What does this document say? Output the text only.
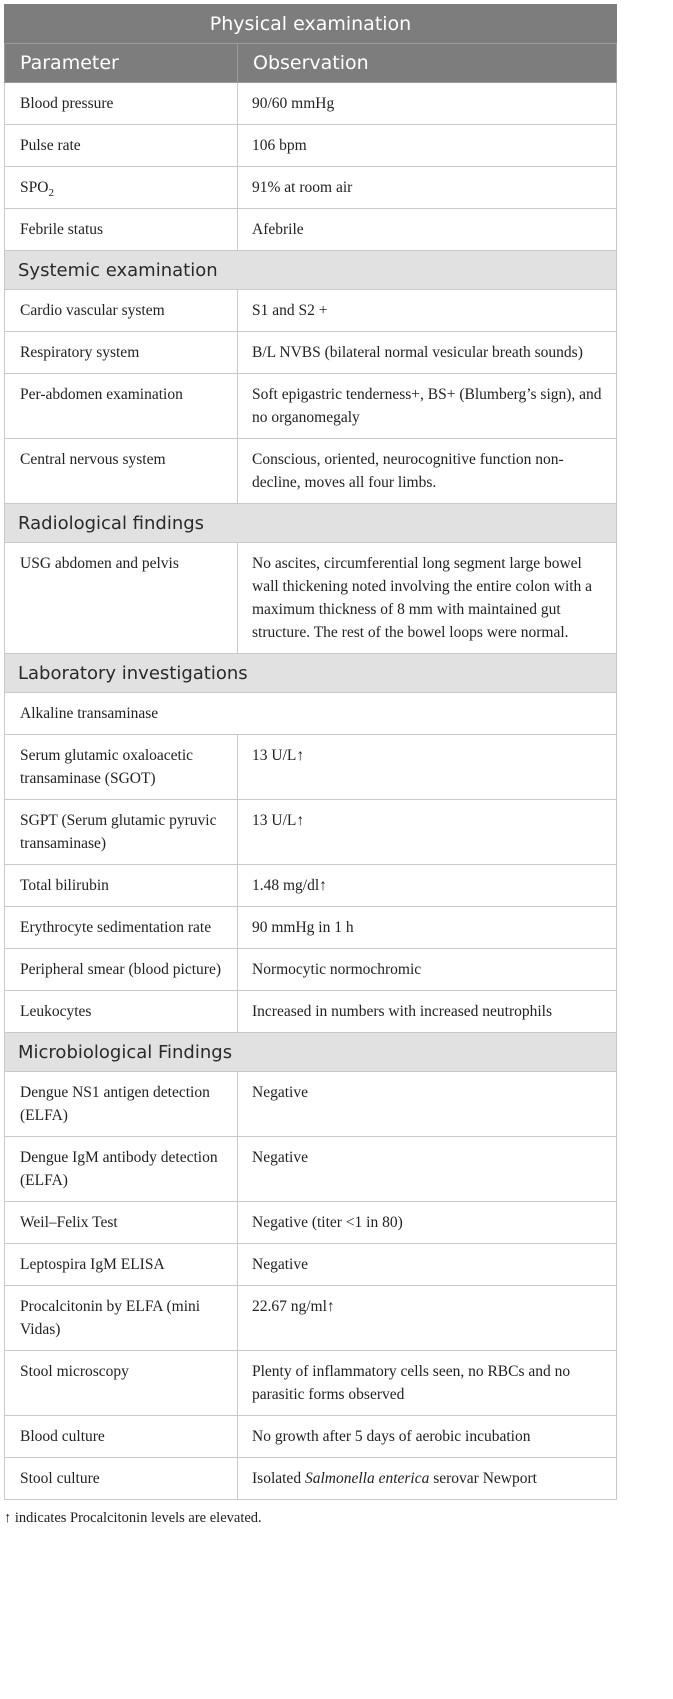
Physical examination	
Parameter	Observation
Blood pressure	90/60 mmHg
Pulse rate	106 bpm
$SPO_2$	91% at room air
Febrile status	Afebrile
Systemic examination	
Cardio vascular system	S1 and S2 +
Respiratory system	B/L NVBS (bilateral normal vesicular breath sounds)
Per-abdomen examination	Soft epigastric tenderness+, BS+ (Blumberg’s sign), and no organomegaly
Central nervous system	Conscious, oriented, neurocognitive function non-decline, moves all four limbs.
Radiological findings	
USG abdomen and pelvis	No ascites, circumferential long segment large bowel wall thickening noted involving the entire colon with a maximum thickness of 8 mm with maintained gut structure. The rest of the bowel loops were normal.
Laboratory investigations	
Alkaline transaminase	
Serum glutamic oxaloacetic transaminase (SGOT)	13 U/L↑
SGPT (Serum glutamic pyruvic transaminase)	13 U/L↑
Total bilirubin	1.48 mg/dl↑
Erythrocyte sedimentation rate	90 mmHg in 1 h
Peripheral smear (blood picture)	Normocytic normochromic
Leukocytes	Increased in numbers with increased neutrophils
Microbiological Findings	
Dengue NS1 antigen detection (ELFA)	Negative
Dengue IgM antibody detection (ELFA)	Negative
Weil–Felix Test	Negative (titer <1 in 80)
Leptospira IgM ELISA	Negative
Procalcitonin by ELFA (mini Vidas)	22.67 ng/ml↑
Stool microscopy	Plenty of inflammatory cells seen, no RBCs and no parasitic forms observed
Blood culture	No growth after 5 days of aerobic incubation
Stool culture	Isolated Salmonella enterica serovar Newport
↑ indicates Procalcitonin levels are elevated.
